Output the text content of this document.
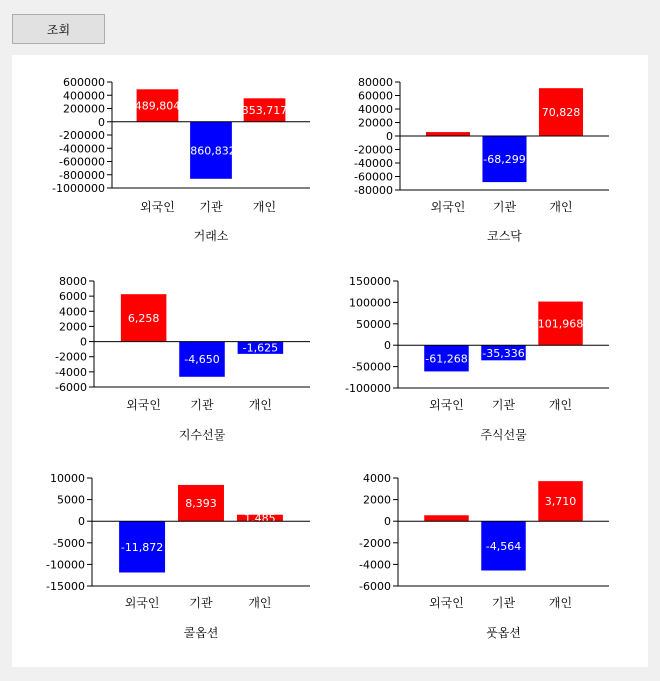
조회
600000
400000
200000
0
-200000
-400000
-600000
-800000
-1000000
489,804
외국인
-860,832
기관
353,717
개인
거래소
80000
60000
40000
20000
0
-20000
-40000
-60000
-80000
외국인
-68,299
기관
70,828
개인
코스닥
8000
6000
4000
2000
0
-2000
-4000
-6000
6,258
외국인
-4,650
기관
-1,625
개인
지수선물
150000
100000
50000
0
-50000
-100000
-61,268
외국인
-35,336
기관
101,968
개인
주식선물
10000
5000
0
-5000
-10000
-15000
-11,872
외국인
8,393
기관
1,485
개인
콜옵션
4000
2000
0
-2000
-4000
-6000
외국인
-4,564
기관
3,710
개인
풋옵션
